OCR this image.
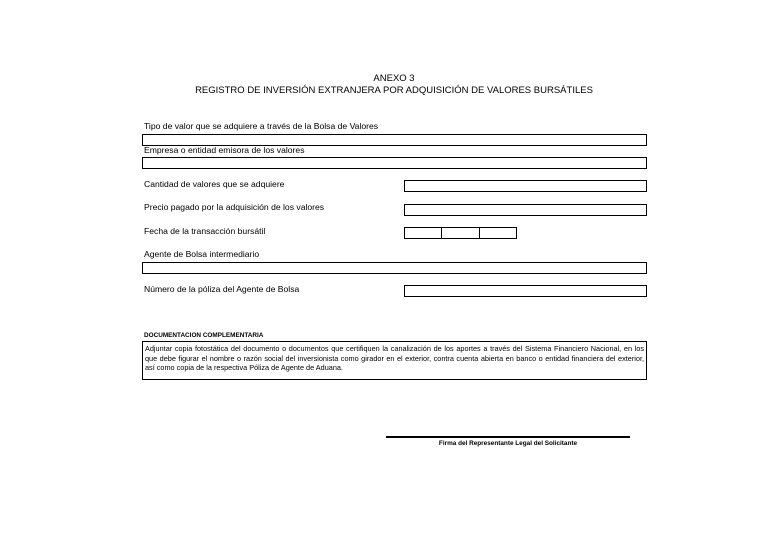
ANEXO 3
REGISTRO DE INVERSIÓN EXTRANJERA POR ADQUISICIÓN DE VALORES BURSÁTILES
Tipo de valor que se adquiere a través de la Bolsa de Valores
Empresa o entidad emisora de los valores
Cantidad de valores que se adquiere
Precio pagado por la adquisición de los valores
Fecha de la transacción bursátil
Agente de Bolsa intermediario
Número de la póliza del Agente de Bolsa
DOCUMENTACION COMPLEMENTARIA
Adjuntar copia fotostática del documento o documentos que certifiquen la canalización de los aportes a través del Sistema Financiero Nacional, en los que debe figurar el nombre o razón social del inversionista como girador en el exterior, contra cuenta abierta en banco o entidad financiera del exterior, así como copia de la respectiva Póliza de Agente de Aduana.
Firma del Representante Legal del Solicitante
